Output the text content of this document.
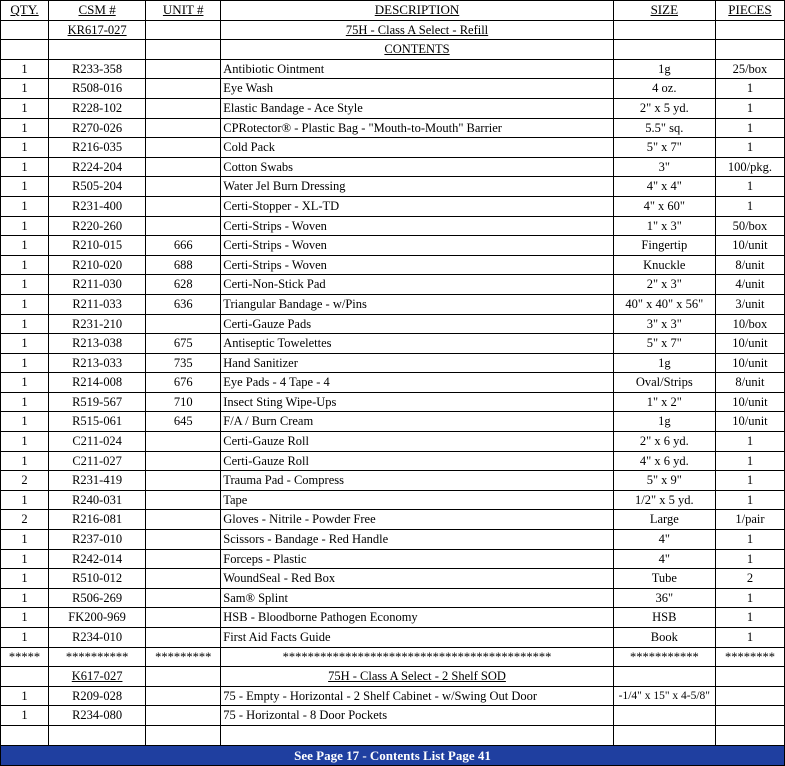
QTY.	CSM #	UNIT #	DESCRIPTION	SIZE	PIECES
	KR617-027		75H - Class A Select - Refill		
			CONTENTS		
1	R233-358		Antibiotic Ointment	1g	25/box
1	R508-016		Eye Wash	4 oz.	1
1	R228-102		Elastic Bandage - Ace Style	2" x 5 yd.	1
1	R270-026		CPRotector® - Plastic Bag - "Mouth-to-Mouth" Barrier	5.5" sq.	1
1	R216-035		Cold Pack	5" x 7"	1
1	R224-204		Cotton Swabs	3"	100/pkg.
1	R505-204		Water Jel Burn Dressing	4" x 4"	1
1	R231-400		Certi-Stopper - XL-TD	4" x 60"	1
1	R220-260		Certi-Strips - Woven	1" x 3"	50/box
1	R210-015	666	Certi-Strips - Woven	Fingertip	10/unit
1	R210-020	688	Certi-Strips - Woven	Knuckle	8/unit
1	R211-030	628	Certi-Non-Stick Pad	2" x 3"	4/unit
1	R211-033	636	Triangular Bandage - w/Pins	40" x 40" x 56"	3/unit
1	R231-210		Certi-Gauze Pads	3" x 3"	10/box
1	R213-038	675	Antiseptic Towelettes	5" x 7"	10/unit
1	R213-033	735	Hand Sanitizer	1g	10/unit
1	R214-008	676	Eye Pads - 4 Tape - 4	Oval/Strips	8/unit
1	R519-567	710	Insect Sting Wipe-Ups	1" x 2"	10/unit
1	R515-061	645	F/A / Burn Cream	1g	10/unit
1	C211-024		Certi-Gauze Roll	2" x 6 yd.	1
1	C211-027		Certi-Gauze Roll	4" x 6 yd.	1
2	R231-419		Trauma Pad - Compress	5" x 9"	1
1	R240-031		Tape	1/2" x 5 yd.	1
2	R216-081		Gloves - Nitrile - Powder Free	Large	1/pair
1	R237-010		Scissors - Bandage - Red Handle	4"	1
1	R242-014		Forceps - Plastic	4"	1
1	R510-012		WoundSeal - Red Box	Tube	2
1	R506-269		Sam® Splint	36"	1
1	FK200-969		HSB - Bloodborne Pathogen Economy	HSB	1
1	R234-010		First Aid Facts Guide	Book	1
*****	**********	*********	*******************************************	***********	********
	K617-027		75H - Class A Select - 2 Shelf SOD		
1	R209-028		75 - Empty - Horizontal - 2 Shelf Cabinet - w/Swing Out Door	-1/4" x 15" x 4-5/8"	
1	R234-080		75 - Horizontal - 8 Door Pockets		

See Page 17 - Contents List Page 41
